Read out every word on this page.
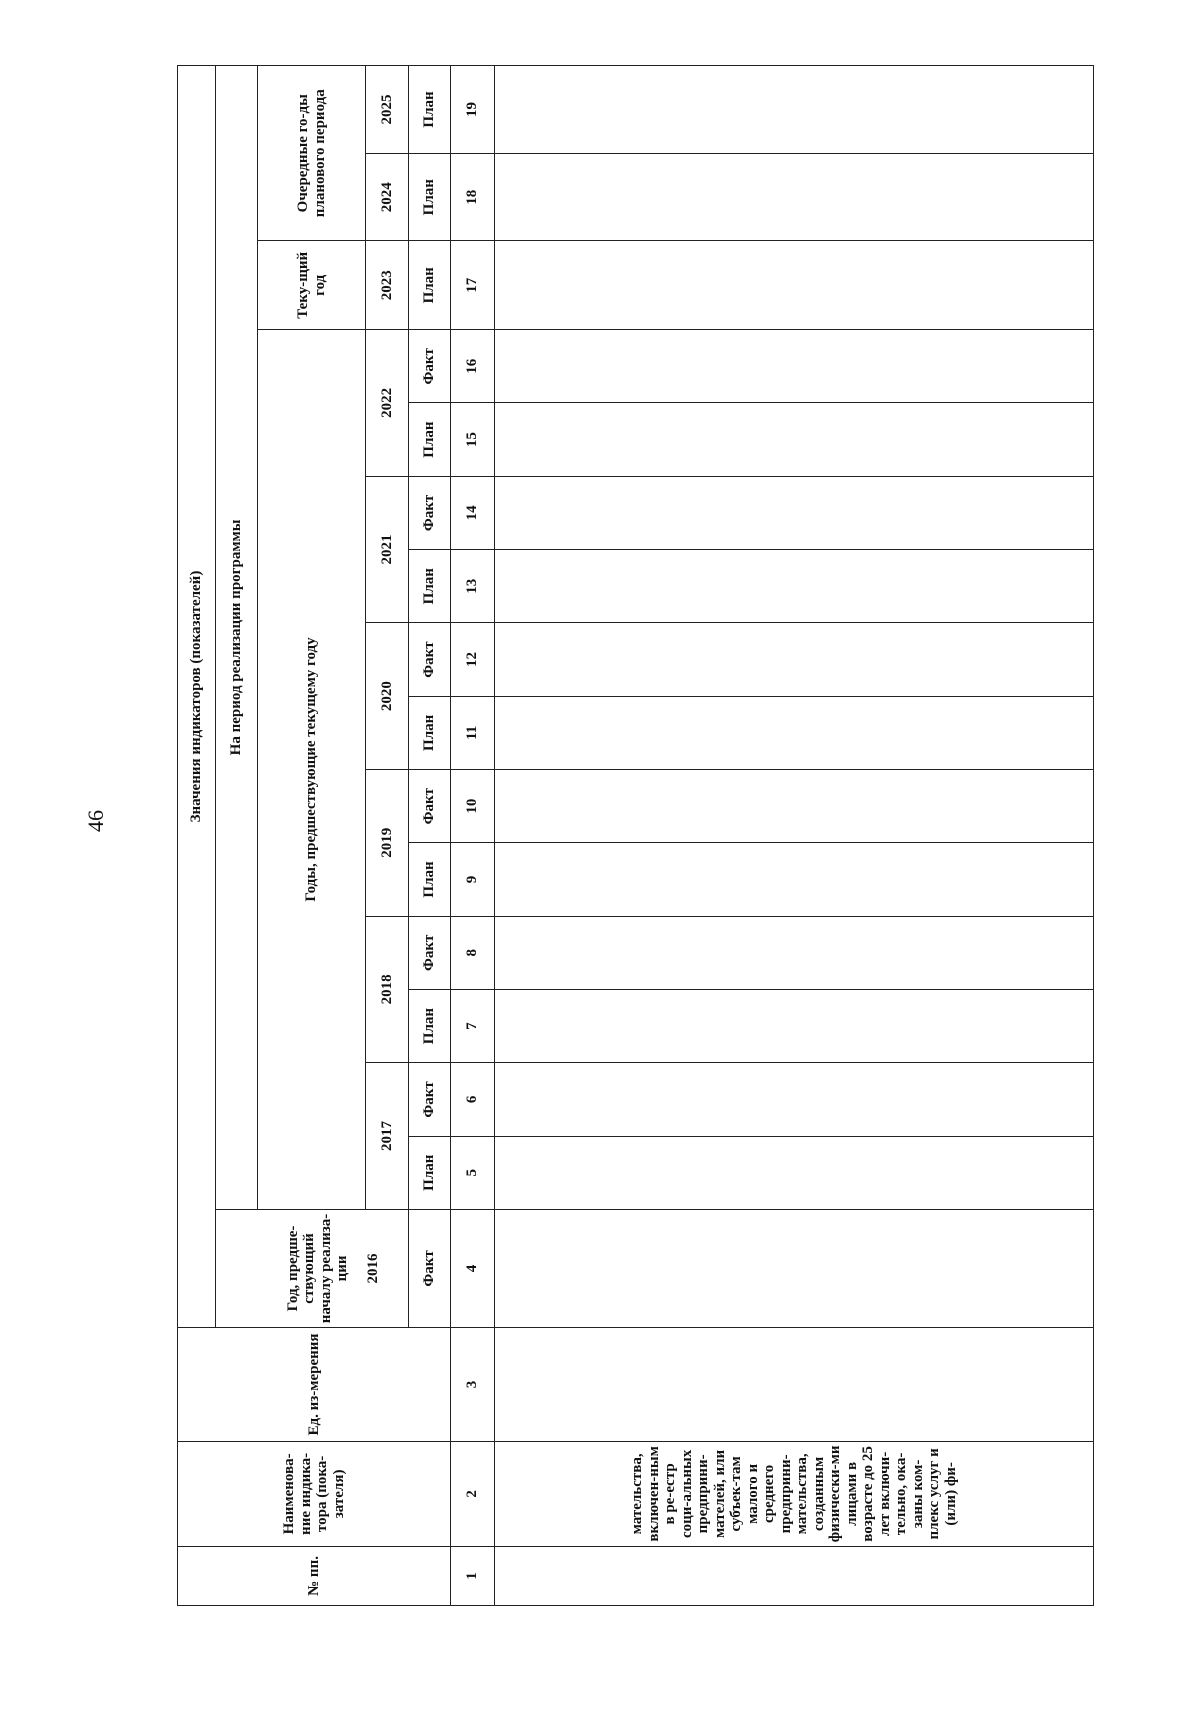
46
№ пп.	Наименова-ние индика-тора (пока-зателя)	Ед. из-мерения	Значения индикаторов (показателей)															
				На период реализации программы														
			Год, предше-ствующий началу реализа-ции 2016	Годы, предшествующие текущему году												Теку-щий год	Очередные го-ды планового периода	
				2017		2018		2019		2020		2021		2022		2023	2024	2025
			Факт	План	Факт	План	Факт	План	Факт	План	Факт	План	Факт	План	Факт	План	План	План
1	2	3	4	5	6	7	8	9	10	11	12	13	14	15	16	17	18	19
	мательства, включен-ным в ре-естр соци-альных предприни-мателей, или субъек-там малого и среднего предприни-мательства, созданным физически-ми лицами в возрасте до 25 лет включи-тельно, ока-заны ком-плекс услуг и (или) фи-																	
